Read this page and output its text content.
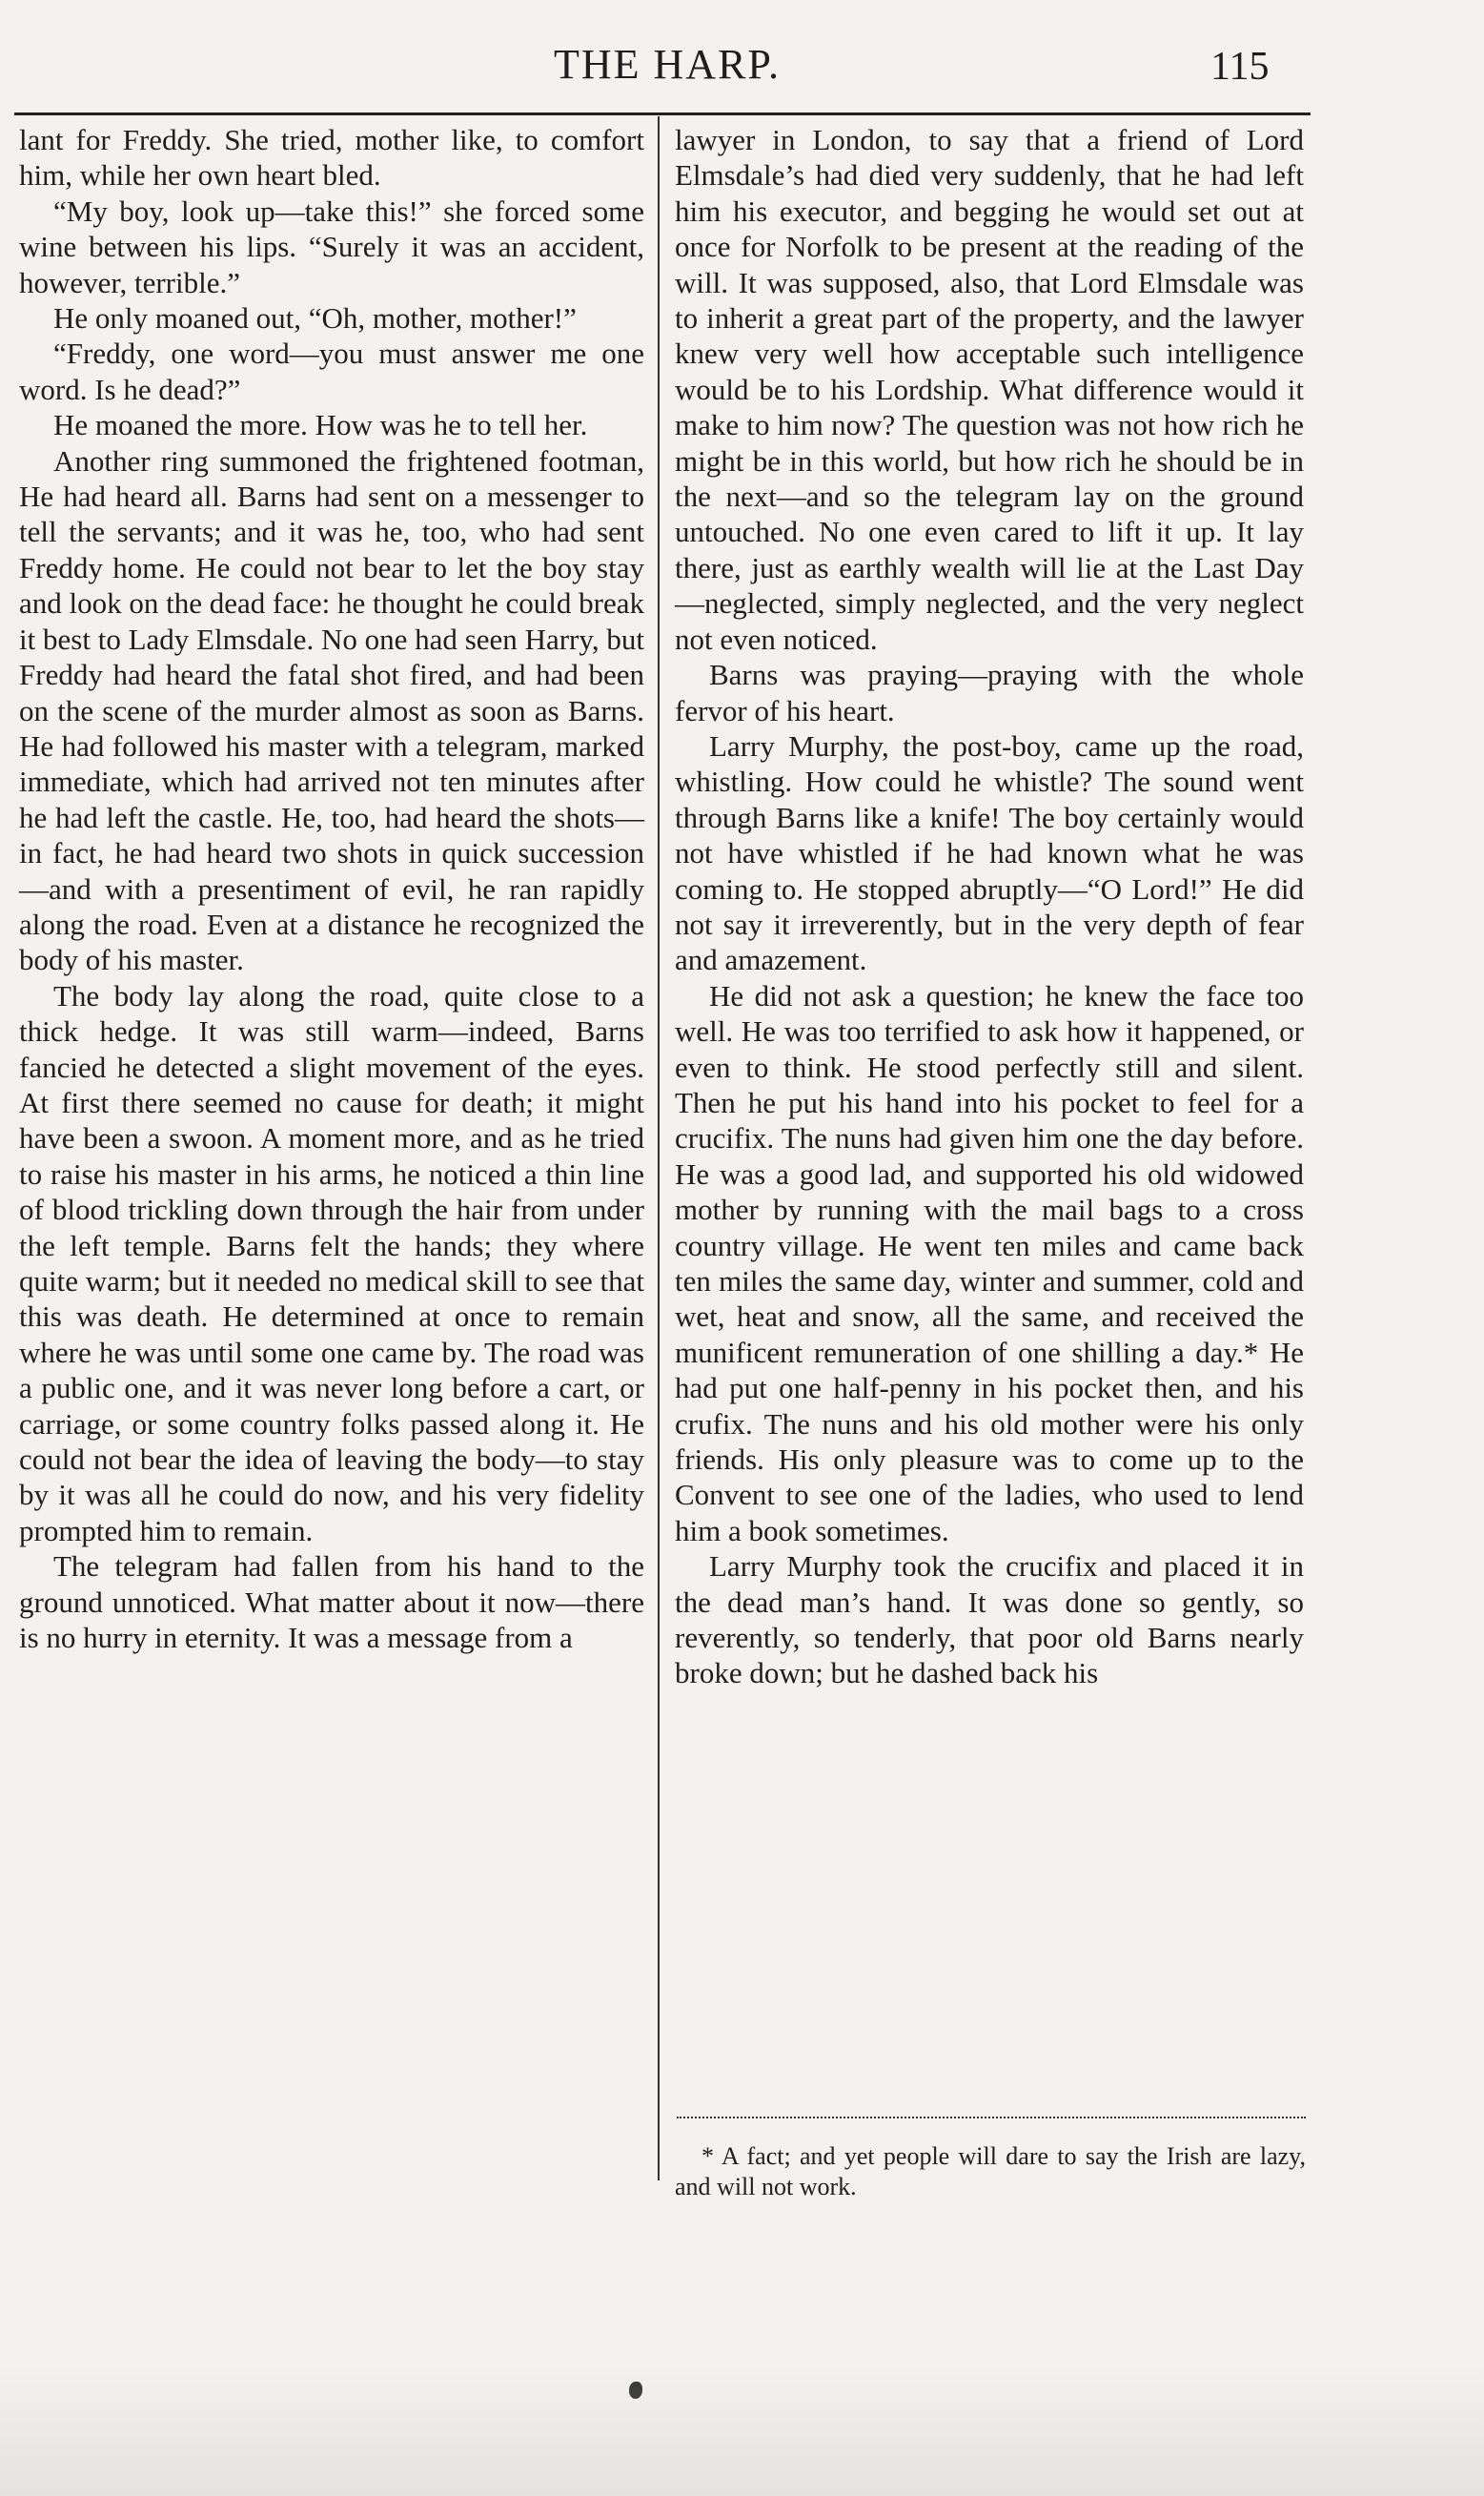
THE HARP.	115

lant for Freddy. She tried, mother like, to comfort him, while her own heart bled.

“My boy, look up—take this!” she forced some wine between his lips. “Surely it was an accident, however, terrible.”

He only moaned out, “Oh, mother, mother!”

“Freddy, one word—you must answer me one word. Is he dead?”

He moaned the more. How was he to tell her.

Another ring summoned the frightened footman, He had heard all. Barns had sent on a messenger to tell the servants; and it was he, too, who had sent Freddy home. He could not bear to let the boy stay and look on the dead face: he thought he could break it best to Lady Elmsdale. No one had seen Harry, but Freddy had heard the fatal shot fired, and had been on the scene of the murder almost as soon as Barns. He had followed his master with a telegram, marked immediate, which had arrived not ten minutes after he had left the castle. He, too, had heard the shots—in fact, he had heard two shots in quick succession—and with a presentiment of evil, he ran rapidly along the road. Even at a distance he recognized the body of his master.

The body lay along the road, quite close to a thick hedge. It was still warm—indeed, Barns fancied he detected a slight movement of the eyes. At first there seemed no cause for death; it might have been a swoon. A moment more, and as he tried to raise his master in his arms, he noticed a thin line of blood trickling down through the hair from under the left temple. Barns felt the hands; they where quite warm; but it needed no medical skill to see that this was death. He determined at once to remain where he was until some one came by. The road was a public one, and it was never long before a cart, or carriage, or some country folks passed along it. He could not bear the idea of leaving the body—to stay by it was all he could do now, and his very fidelity prompted him to remain.

The telegram had fallen from his hand to the ground unnoticed. What matter about it now—there is no hurry in eternity. It was a message from a

lawyer in London, to say that a friend of Lord Elmsdale’s had died very suddenly, that he had left him his executor, and begging he would set out at once for Norfolk to be present at the reading of the will. It was supposed, also, that Lord Elmsdale was to inherit a great part of the property, and the lawyer knew very well how acceptable such intelligence would be to his Lordship. What difference would it make to him now? The question was not how rich he might be in this world, but how rich he should be in the next—and so the telegram lay on the ground untouched. No one even cared to lift it up. It lay there, just as earthly wealth will lie at the Last Day—neglected, simply neglected, and the very neglect not even noticed.

Barns was praying—praying with the whole fervor of his heart.

Larry Murphy, the post-boy, came up the road, whistling. How could he whistle? The sound went through Barns like a knife! The boy certainly would not have whistled if he had known what he was coming to. He stopped abruptly—“O Lord!” He did not say it irreverently, but in the very depth of fear and amazement.

He did not ask a question; he knew the face too well. He was too terrified to ask how it happened, or even to think. He stood perfectly still and silent. Then he put his hand into his pocket to feel for a crucifix. The nuns had given him one the day before. He was a good lad, and supported his old widowed mother by running with the mail bags to a cross country village. He went ten miles and came back ten miles the same day, winter and summer, cold and wet, heat and snow, all the same, and received the munificent remuneration of one shilling a day.* He had put one half-penny in his pocket then, and his crufix. The nuns and his old mother were his only friends. His only pleasure was to come up to the Convent to see one of the ladies, who used to lend him a book sometimes.

Larry Murphy took the crucifix and placed it in the dead man’s hand. It was done so gently, so reverently, so tenderly, that poor old Barns nearly broke down; but he dashed back his

* A fact; and yet people will dare to say the Irish are lazy, and will not work.
